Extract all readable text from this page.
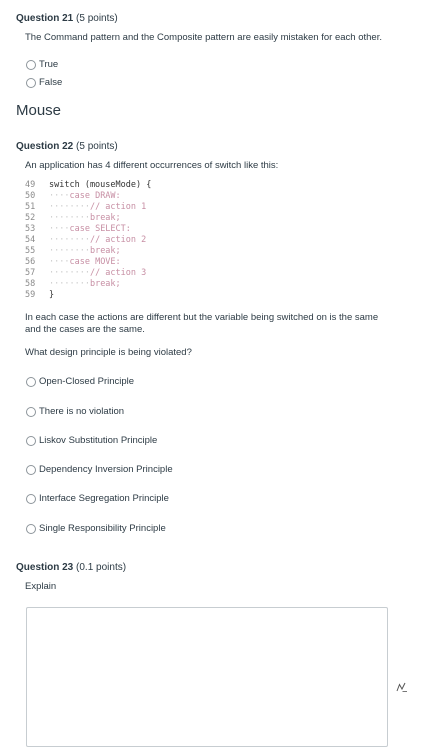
Question 21 (5 points)
The Command pattern and the Composite pattern are easily mistaken for each other.
True
False
Mouse
Question 22 (5 points)
An application has 4 different occurrences of switch like this:
49 switch (mouseMode) {
50 ····case DRAW:
51 ········// action 1
52 ········break;
53 ····case SELECT:
54 ········// action 2
55 ········break;
56 ····case MOVE:
57 ········// action 3
58 ········break;
59 }
In each case the actions are different but the variable being switched on is the same
and the cases are the same.
What design principle is being violated?
Open-Closed Principle
There is no violation
Liskov Substitution Principle
Dependency Inversion Principle
Interface Segregation Principle
Single Responsibility Principle
Question 23 (0.1 points)
Explain
